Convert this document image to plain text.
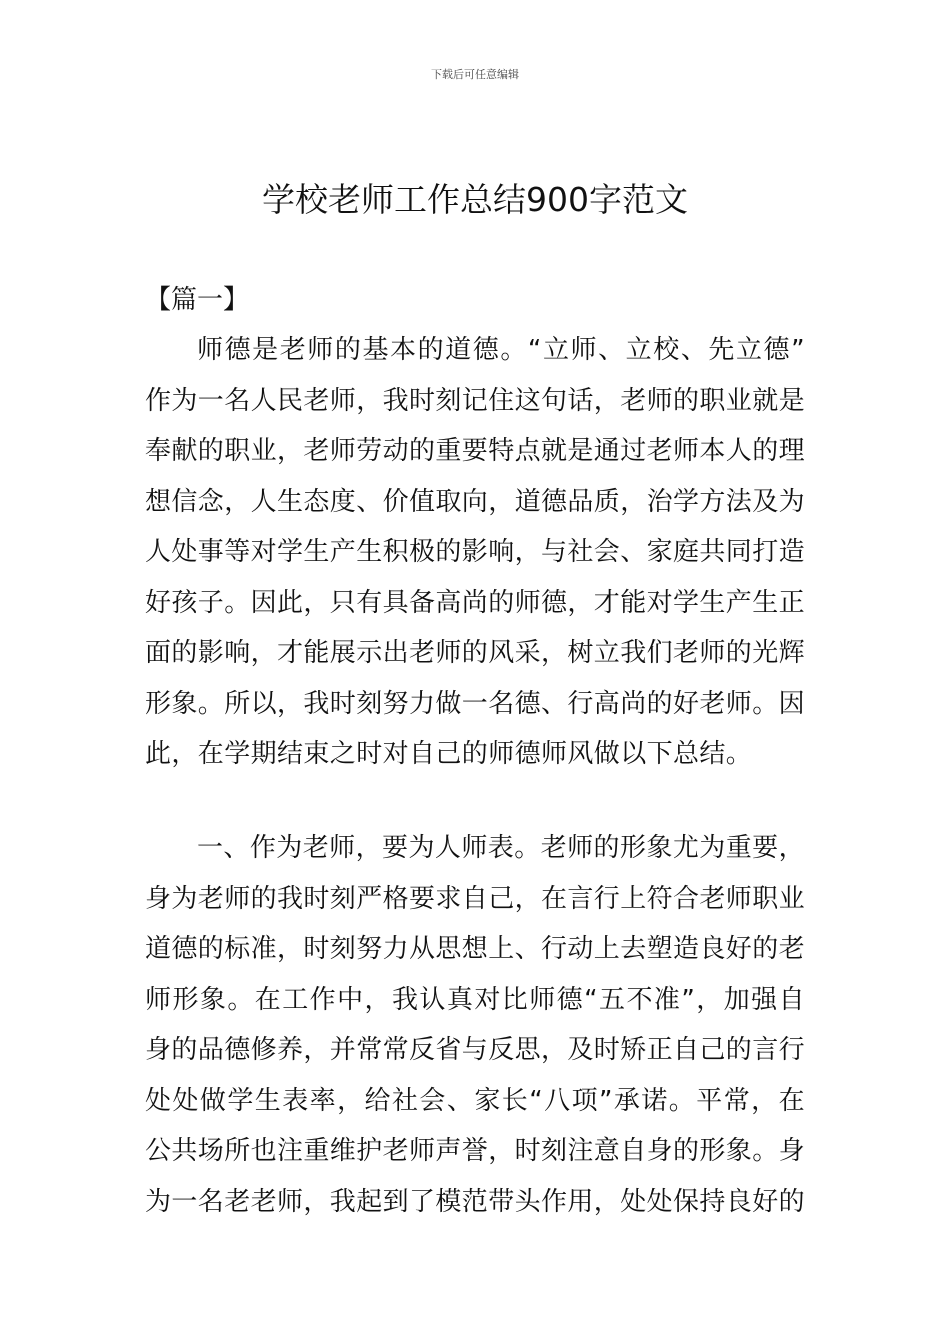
下载后可任意编辑
学校老师工作总结900字范文
【篇一】
师德是老师的基本的道德。“立师、立校、先立德”
作为一名人民老师，我时刻记住这句话，老师的职业就是
奉献的职业，老师劳动的重要特点就是通过老师本人的理
想信念，人生态度、价值取向，道德品质，治学方法及为
人处事等对学生产生积极的影响，与社会、家庭共同打造
好孩子。因此，只有具备高尚的师德，才能对学生产生正
面的影响，才能展示出老师的风采，树立我们老师的光辉
形象。所以，我时刻努力做一名德、行高尚的好老师。因
此，在学期结束之时对自己的师德师风做以下总结。
一、作为老师，要为人师表。老师的形象尤为重要，
身为老师的我时刻严格要求自己，在言行上符合老师职业
道德的标准，时刻努力从思想上、行动上去塑造良好的老
师形象。在工作中，我认真对比师德“五不准”，加强自
身的品德修养，并常常反省与反思，及时矫正自己的言行
处处做学生表率，给社会、家长“八项”承诺。平常，在
公共场所也注重维护老师声誉，时刻注意自身的形象。身
为一名老老师，我起到了模范带头作用，处处保持良好的
